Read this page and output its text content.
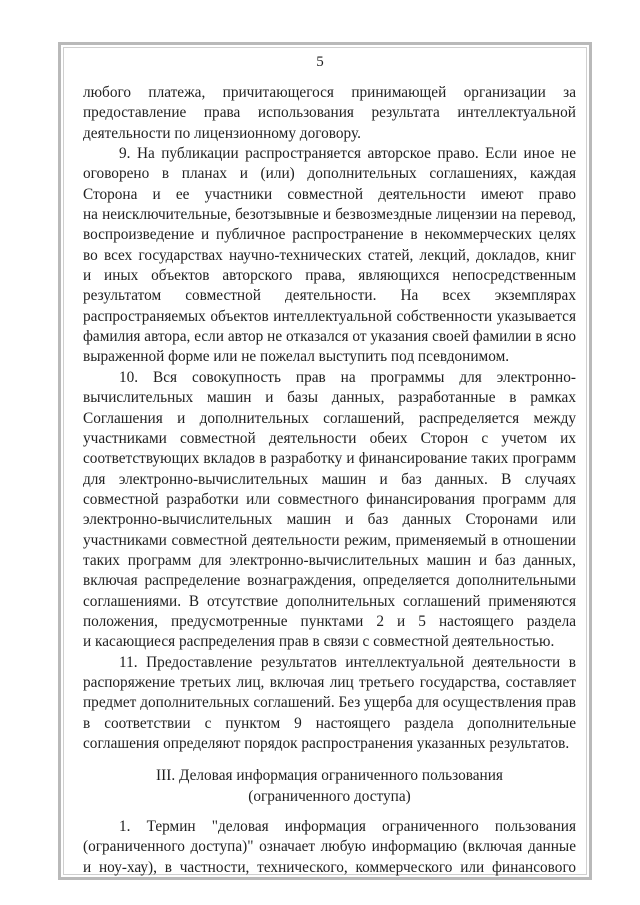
5

любого платежа, причитающегося принимающей организации за
предоставление права использования результата интеллектуальной
деятельности по лицензионному договору.

9. На публикации распространяется авторское право. Если иное не
оговорено в планах и (или) дополнительных соглашениях, каждая
Сторона и ее участники совместной деятельности имеют право
на неисключительные, безотзывные и безвозмездные лицензии на перевод,
воспроизведение и публичное распространение в некоммерческих целях
во всех государствах научно-технических статей, лекций, докладов, книг
и иных объектов авторского права, являющихся непосредственным
результатом совместной деятельности. На всех экземплярах
распространяемых объектов интеллектуальной собственности указывается
фамилия автора, если автор не отказался от указания своей фамилии в ясно
выраженной форме или не пожелал выступить под псевдонимом.

10. Вся совокупность прав на программы для электронно-
вычислительных машин и базы данных, разработанные в рамках
Соглашения и дополнительных соглашений, распределяется между
участниками совместной деятельности обеих Сторон с учетом их
соответствующих вкладов в разработку и финансирование таких программ
для электронно-вычислительных машин и баз данных. В случаях
совместной разработки или совместного финансирования программ для
электронно-вычислительных машин и баз данных Сторонами или
участниками совместной деятельности режим, применяемый в отношении
таких программ для электронно-вычислительных машин и баз данных,
включая распределение вознаграждения, определяется дополнительными
соглашениями. В отсутствие дополнительных соглашений применяются
положения, предусмотренные пунктами 2 и 5 настоящего раздела
и касающиеся распределения прав в связи с совместной деятельностью.

11. Предоставление результатов интеллектуальной деятельности в
распоряжение третьих лиц, включая лиц третьего государства, составляет
предмет дополнительных соглашений. Без ущерба для осуществления прав
в соответствии с пунктом 9 настоящего раздела дополнительные
соглашения определяют порядок распространения указанных результатов.

III. Деловая информация ограниченного пользования
(ограниченного доступа)

1. Термин "деловая информация ограниченного пользования
(ограниченного доступа)" означает любую информацию (включая данные
и ноу-хау), в частности, технического, коммерческого или финансового
